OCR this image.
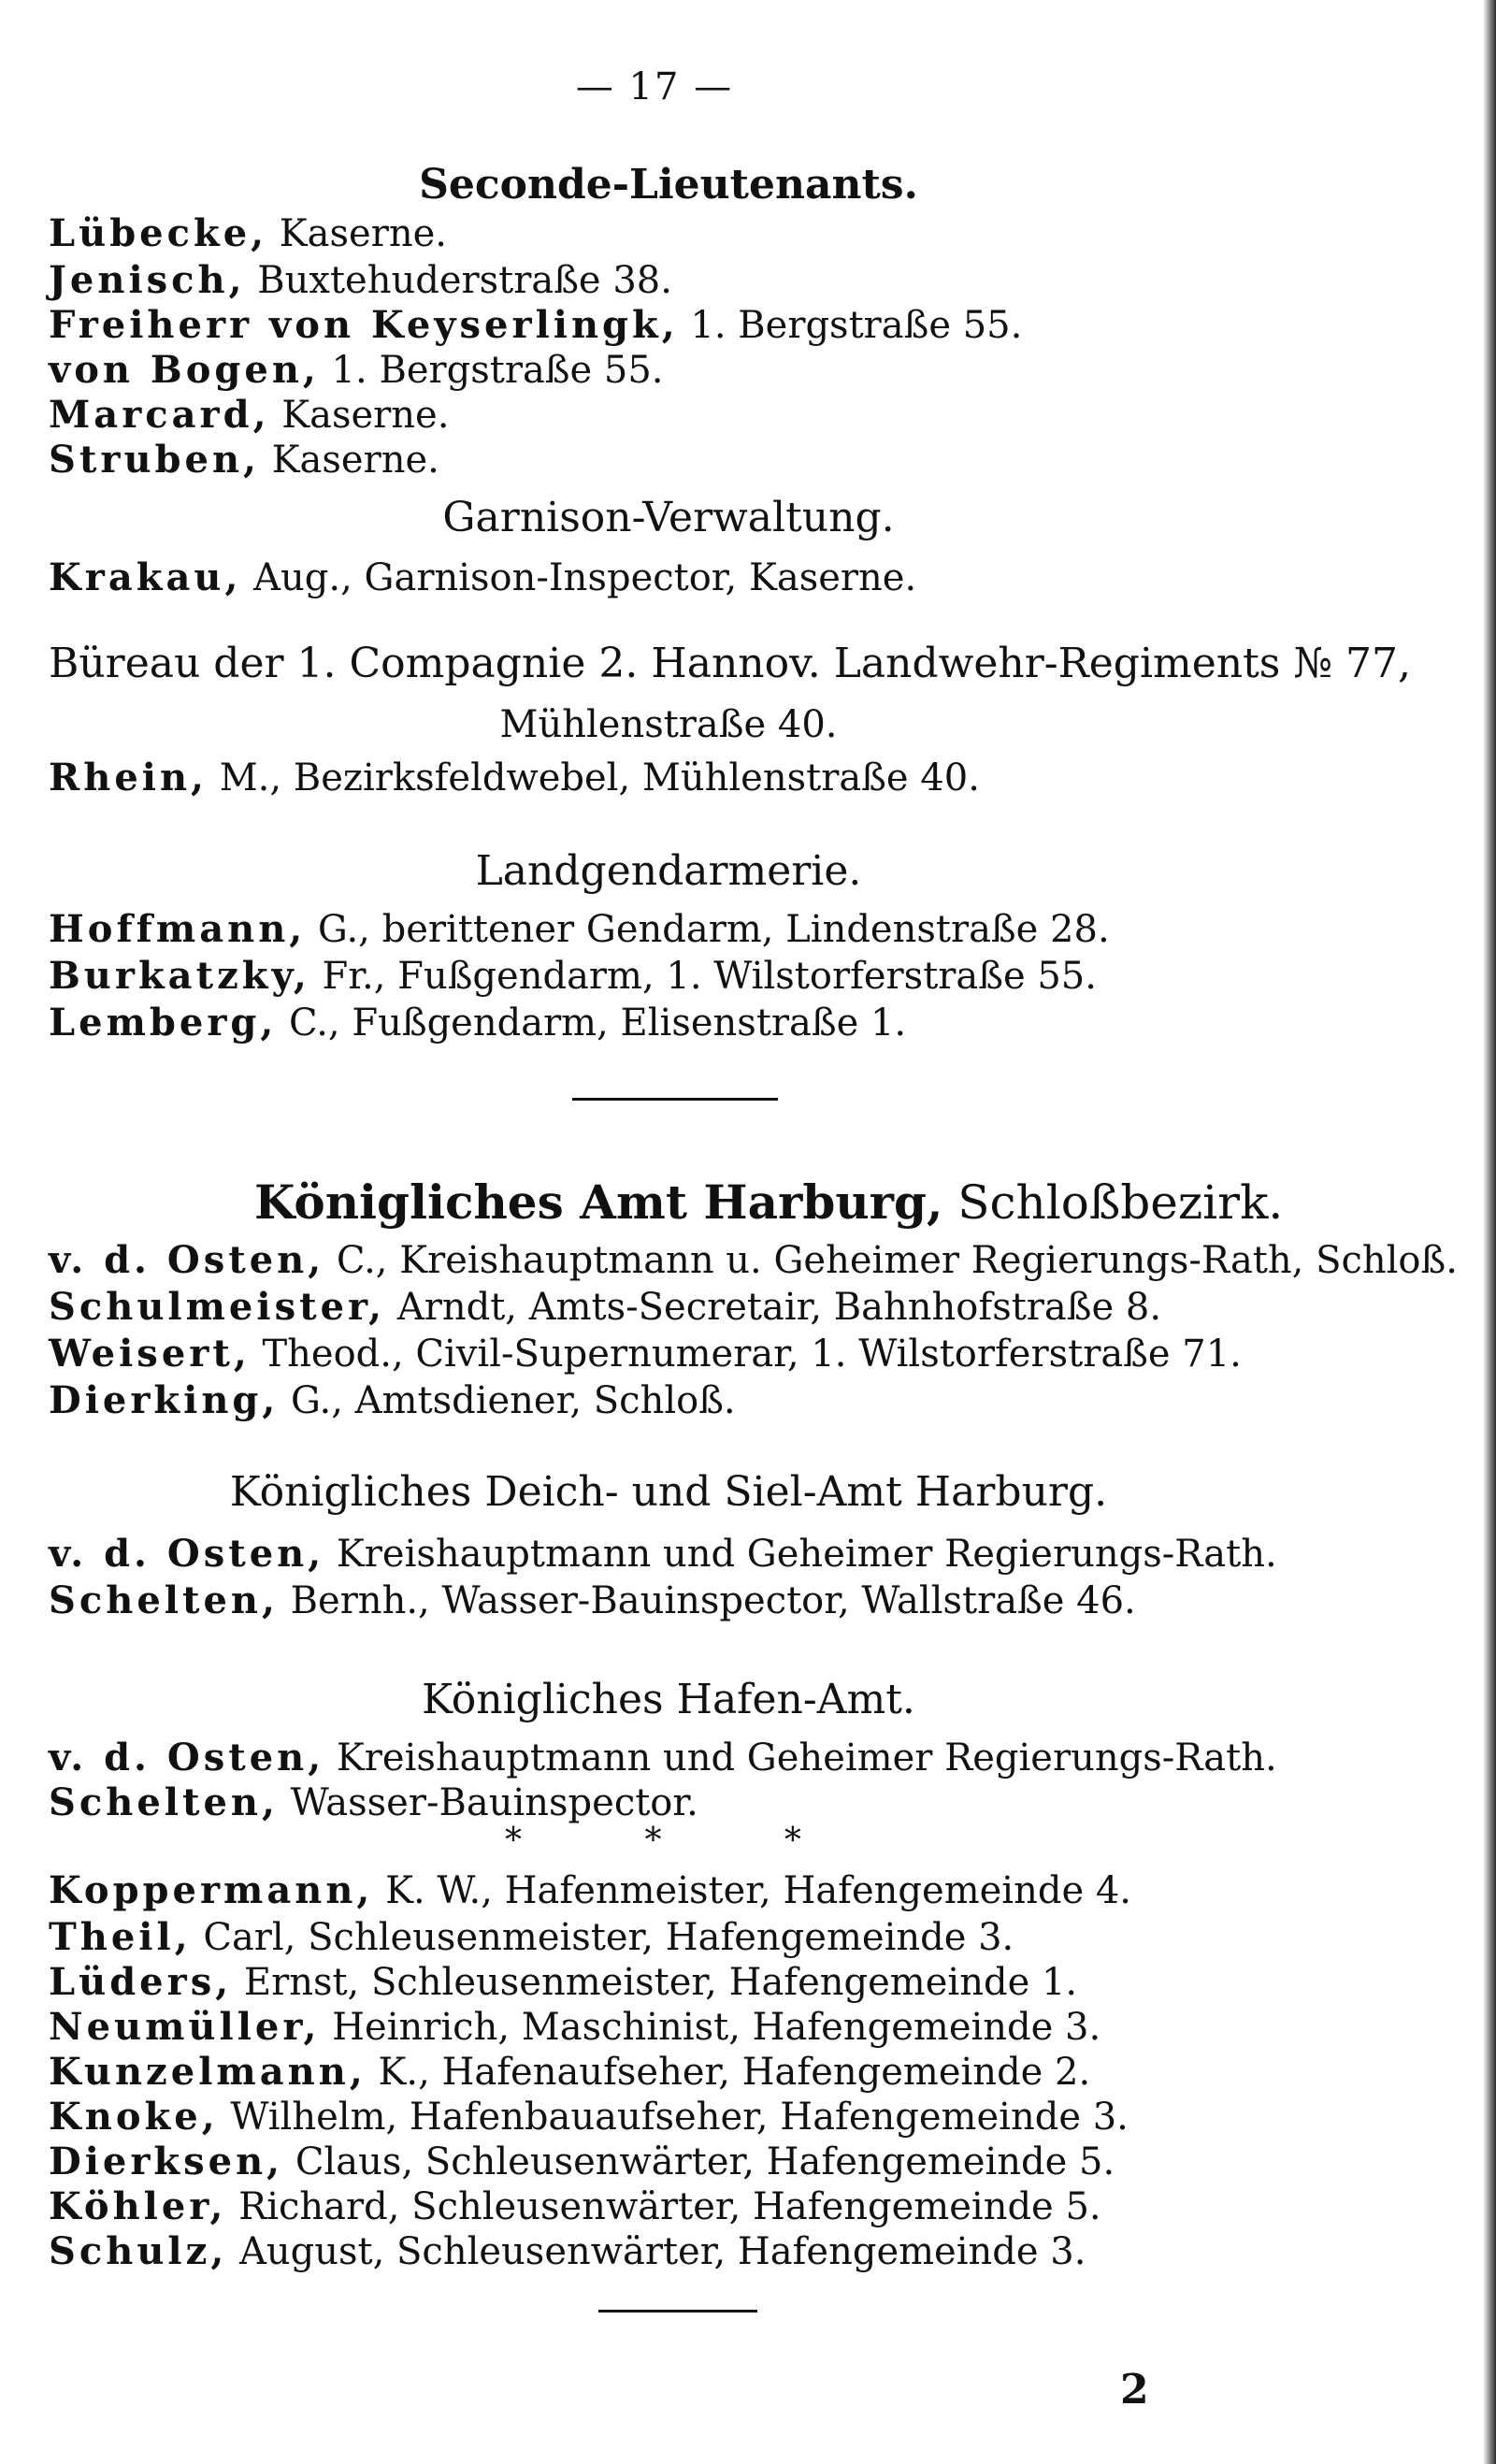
— 17 —
Seconde-Lieutenants.
Lübecke, Kaserne.
Jenisch, Buxtehuderstraße 38.
Freiherr von Keyserlingk, 1. Bergstraße 55.
von Bogen, 1. Bergstraße 55.
Marcard, Kaserne.
Struben, Kaserne.
Garnison-Verwaltung.
Krakau, Aug., Garnison-Inspector, Kaserne.
Büreau der 1. Compagnie 2. Hannov. Landwehr-Regiments № 77,
Mühlenstraße 40.
Rhein, M., Bezirksfeldwebel, Mühlenstraße 40.
Landgendarmerie.
Hoffmann, G., berittener Gendarm, Lindenstraße 28.
Burkatzky, Fr., Fußgendarm, 1. Wilstorferstraße 55.
Lemberg, C., Fußgendarm, Elisenstraße 1.
Königliches Amt Harburg, Schloßbezirk.
v. d. Osten, C., Kreishauptmann u. Geheimer Regierungs-Rath, Schloß.
Schulmeister, Arndt, Amts-Secretair, Bahnhofstraße 8.
Weisert, Theod., Civil-Supernumerar, 1. Wilstorferstraße 71.
Dierking, G., Amtsdiener, Schloß.
Königliches Deich- und Siel-Amt Harburg.
v. d. Osten, Kreishauptmann und Geheimer Regierungs-Rath.
Schelten, Bernh., Wasser-Bauinspector, Wallstraße 46.
Königliches Hafen-Amt.
v. d. Osten, Kreishauptmann und Geheimer Regierungs-Rath.
Schelten, Wasser-Bauinspector.
* * *
Koppermann, K. W., Hafenmeister, Hafengemeinde 4.
Theil, Carl, Schleusenmeister, Hafengemeinde 3.
Lüders, Ernst, Schleusenmeister, Hafengemeinde 1.
Neumüller, Heinrich, Maschinist, Hafengemeinde 3.
Kunzelmann, K., Hafenaufseher, Hafengemeinde 2.
Knoke, Wilhelm, Hafenbauaufseher, Hafengemeinde 3.
Dierksen, Claus, Schleusenwärter, Hafengemeinde 5.
Köhler, Richard, Schleusenwärter, Hafengemeinde 5.
Schulz, August, Schleusenwärter, Hafengemeinde 3.
2
